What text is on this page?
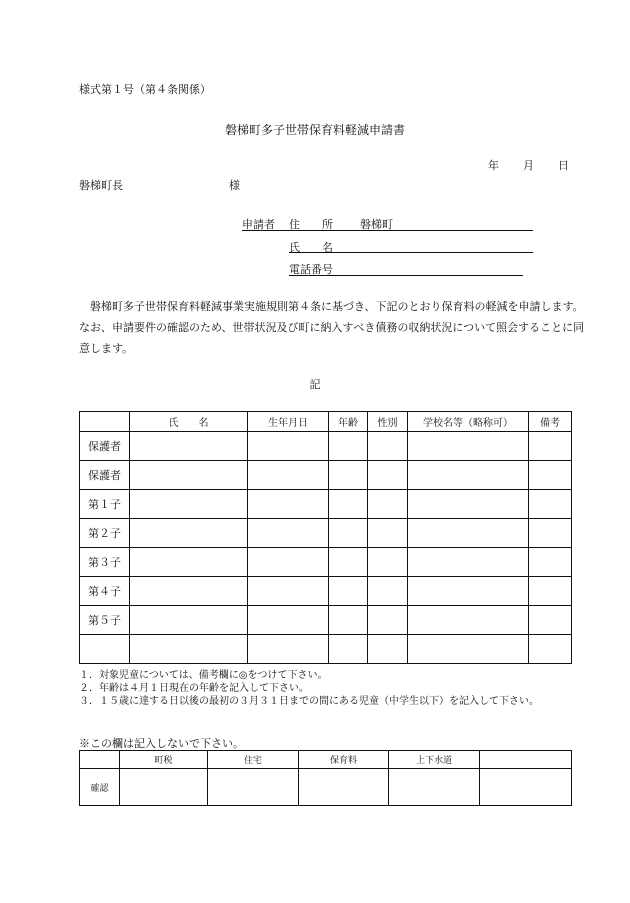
様式第１号（第４条関係）
磐梯町多子世帯保育料軽減申請書
年 月 日
磐梯町長	様
申請者 住　　所 磐梯町
氏　　名
電話番号

　磐梯町多子世帯保育料軽減事業実施規則第４条に基づき、下記のとおり保育料の軽減を申請します。なお、申請要件の確認のため、世帯状況及び町に納入すべき債務の収納状況について照会することに同意します。

記
	氏　　名	生年月日	年齢	性別	学校名等（略称可）	備考
保護者						
保護者						
第１子						
第２子						
第３子						
第４子						
第５子						

１．対象児童については、備考欄に◎をつけて下さい。
２．年齢は４月１日現在の年齢を記入して下さい。
３．１５歳に達する日以後の最初の３月３１日までの間にある児童（中学生以下）を記入して下さい。
※この欄は記入しないで下さい。
	町税	住宅	保育料	上下水道	
確認					
